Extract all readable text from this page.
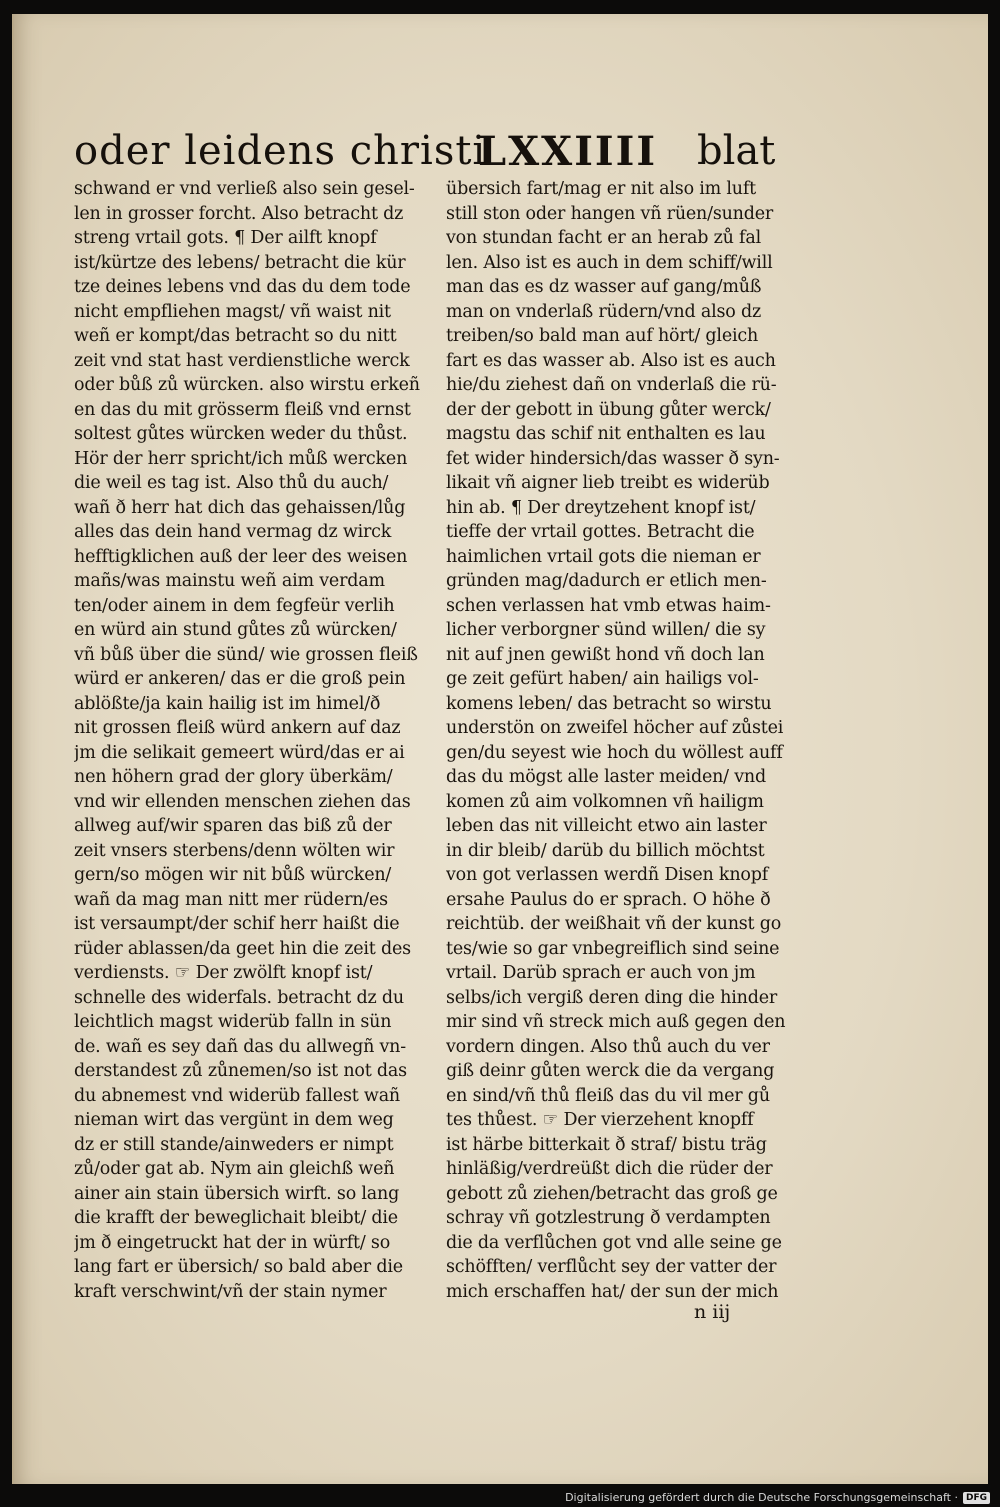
oder leidens christi
LXXIIII blat
schwand er vnd verließ also sein gesel-
len in grosser forcht. Also betracht dz
streng vrtail gots. ¶ Der ailft knopf
ist/kürtze des lebens/ betracht die kür
tze deines lebens vnd das du dem tode
nicht empfliehen magst/ vñ waist nit
weñ er kompt/das betracht so du nitt
zeit vnd stat hast verdienstliche werck
oder bůß zů würcken. also wirstu erkeñ
en das du mit grösserm fleiß vnd ernst
soltest gůtes würcken weder du thůst.
Hör der herr spricht/ich můß wercken
die weil es tag ist. Also thů du auch/
wañ ð herr hat dich das gehaissen/lůg
alles das dein hand vermag dz wirck
hefftigklichen auß der leer des weisen
mañs/was mainstu weñ aim verdam
ten/oder ainem in dem fegfeür verlih
en würd ain stund gůtes zů würcken/
vñ bůß über die sünd/ wie grossen fleiß
würd er ankeren/ das er die groß pein
ablößte/ja kain hailig ist im himel/ð
nit grossen fleiß würd ankern auf daz
jm die selikait gemeert würd/das er ai
nen höhern grad der glory überkäm/
vnd wir ellenden menschen ziehen das
allweg auf/wir sparen das biß zů der
zeit vnsers sterbens/denn wölten wir
gern/so mögen wir nit bůß würcken/
wañ da mag man nitt mer rüdern/es
ist versaumpt/der schif herr haißt die
rüder ablassen/da geet hin die zeit des
verdiensts. ☞ Der zwölft knopf ist/
schnelle des widerfals. betracht dz du
leichtlich magst widerüb falln in sün
de. wañ es sey dañ das du allwegñ vn-
derstandest zů zůnemen/so ist not das
du abnemest vnd widerüb fallest wañ
nieman wirt das vergünt in dem weg
dz er still stande/ainweders er nimpt
zů/oder gat ab. Nym ain gleichß weñ
ainer ain stain übersich wirft. so lang
die krafft der beweglichait bleibt/ die
jm ð eingetruckt hat der in würft/ so
lang fart er übersich/ so bald aber die
kraft verschwint/vñ der stain nymer
übersich fart/mag er nit also im luft
still ston oder hangen vñ rüen/sunder
von stundan facht er an herab zů fal
len. Also ist es auch in dem schiff/will
man das es dz wasser auf gang/můß
man on vnderlaß rüdern/vnd also dz
treiben/so bald man auf hört/ gleich
fart es das wasser ab. Also ist es auch
hie/du ziehest dañ on vnderlaß die rü-
der der gebott in übung gůter werck/
magstu das schif nit enthalten es lau
fet wider hindersich/das wasser ð syn-
likait vñ aigner lieb treibt es widerüb
hin ab. ¶ Der dreytzehent knopf ist/
tieffe der vrtail gottes. Betracht die
haimlichen vrtail gots die nieman er
gründen mag/dadurch er etlich men-
schen verlassen hat vmb etwas haim-
licher verborgner sünd willen/ die sy
nit auf jnen gewißt hond vñ doch lan
ge zeit gefürt haben/ ain hailigs vol-
komens leben/ das betracht so wirstu
understön on zweifel höcher auf zůstei
gen/du seyest wie hoch du wöllest auff
das du mögst alle laster meiden/ vnd
komen zů aim volkomnen vñ hailigm
leben das nit villeicht etwo ain laster
in dir bleib/ darüb du billich möchtst
von got verlassen werdñ Disen knopf
ersahe Paulus do er sprach. O höhe ð
reichtüb. der weißhait vñ der kunst go
tes/wie so gar vnbegreiflich sind seine
vrtail. Darüb sprach er auch von jm
selbs/ich vergiß deren ding die hinder
mir sind vñ streck mich auß gegen den
vordern dingen. Also thů auch du ver
giß deinr gůten werck die da vergang
en sind/vñ thů fleiß das du vil mer gů
tes thůest. ☞ Der vierzehent knopff
ist härbe bitterkait ð straf/ bistu träg
hinläßig/verdreüßt dich die rüder der
gebott zů ziehen/betracht das groß ge
schray vñ gotzlestrung ð verdampten
die da verflůchen got vnd alle seine ge
schöfften/ verflůcht sey der vatter der
mich erschaffen hat/ der sun der mich
n iij
Digitalisierung gefördert durch die Deutsche Forschungsgemeinschaft · DFG
